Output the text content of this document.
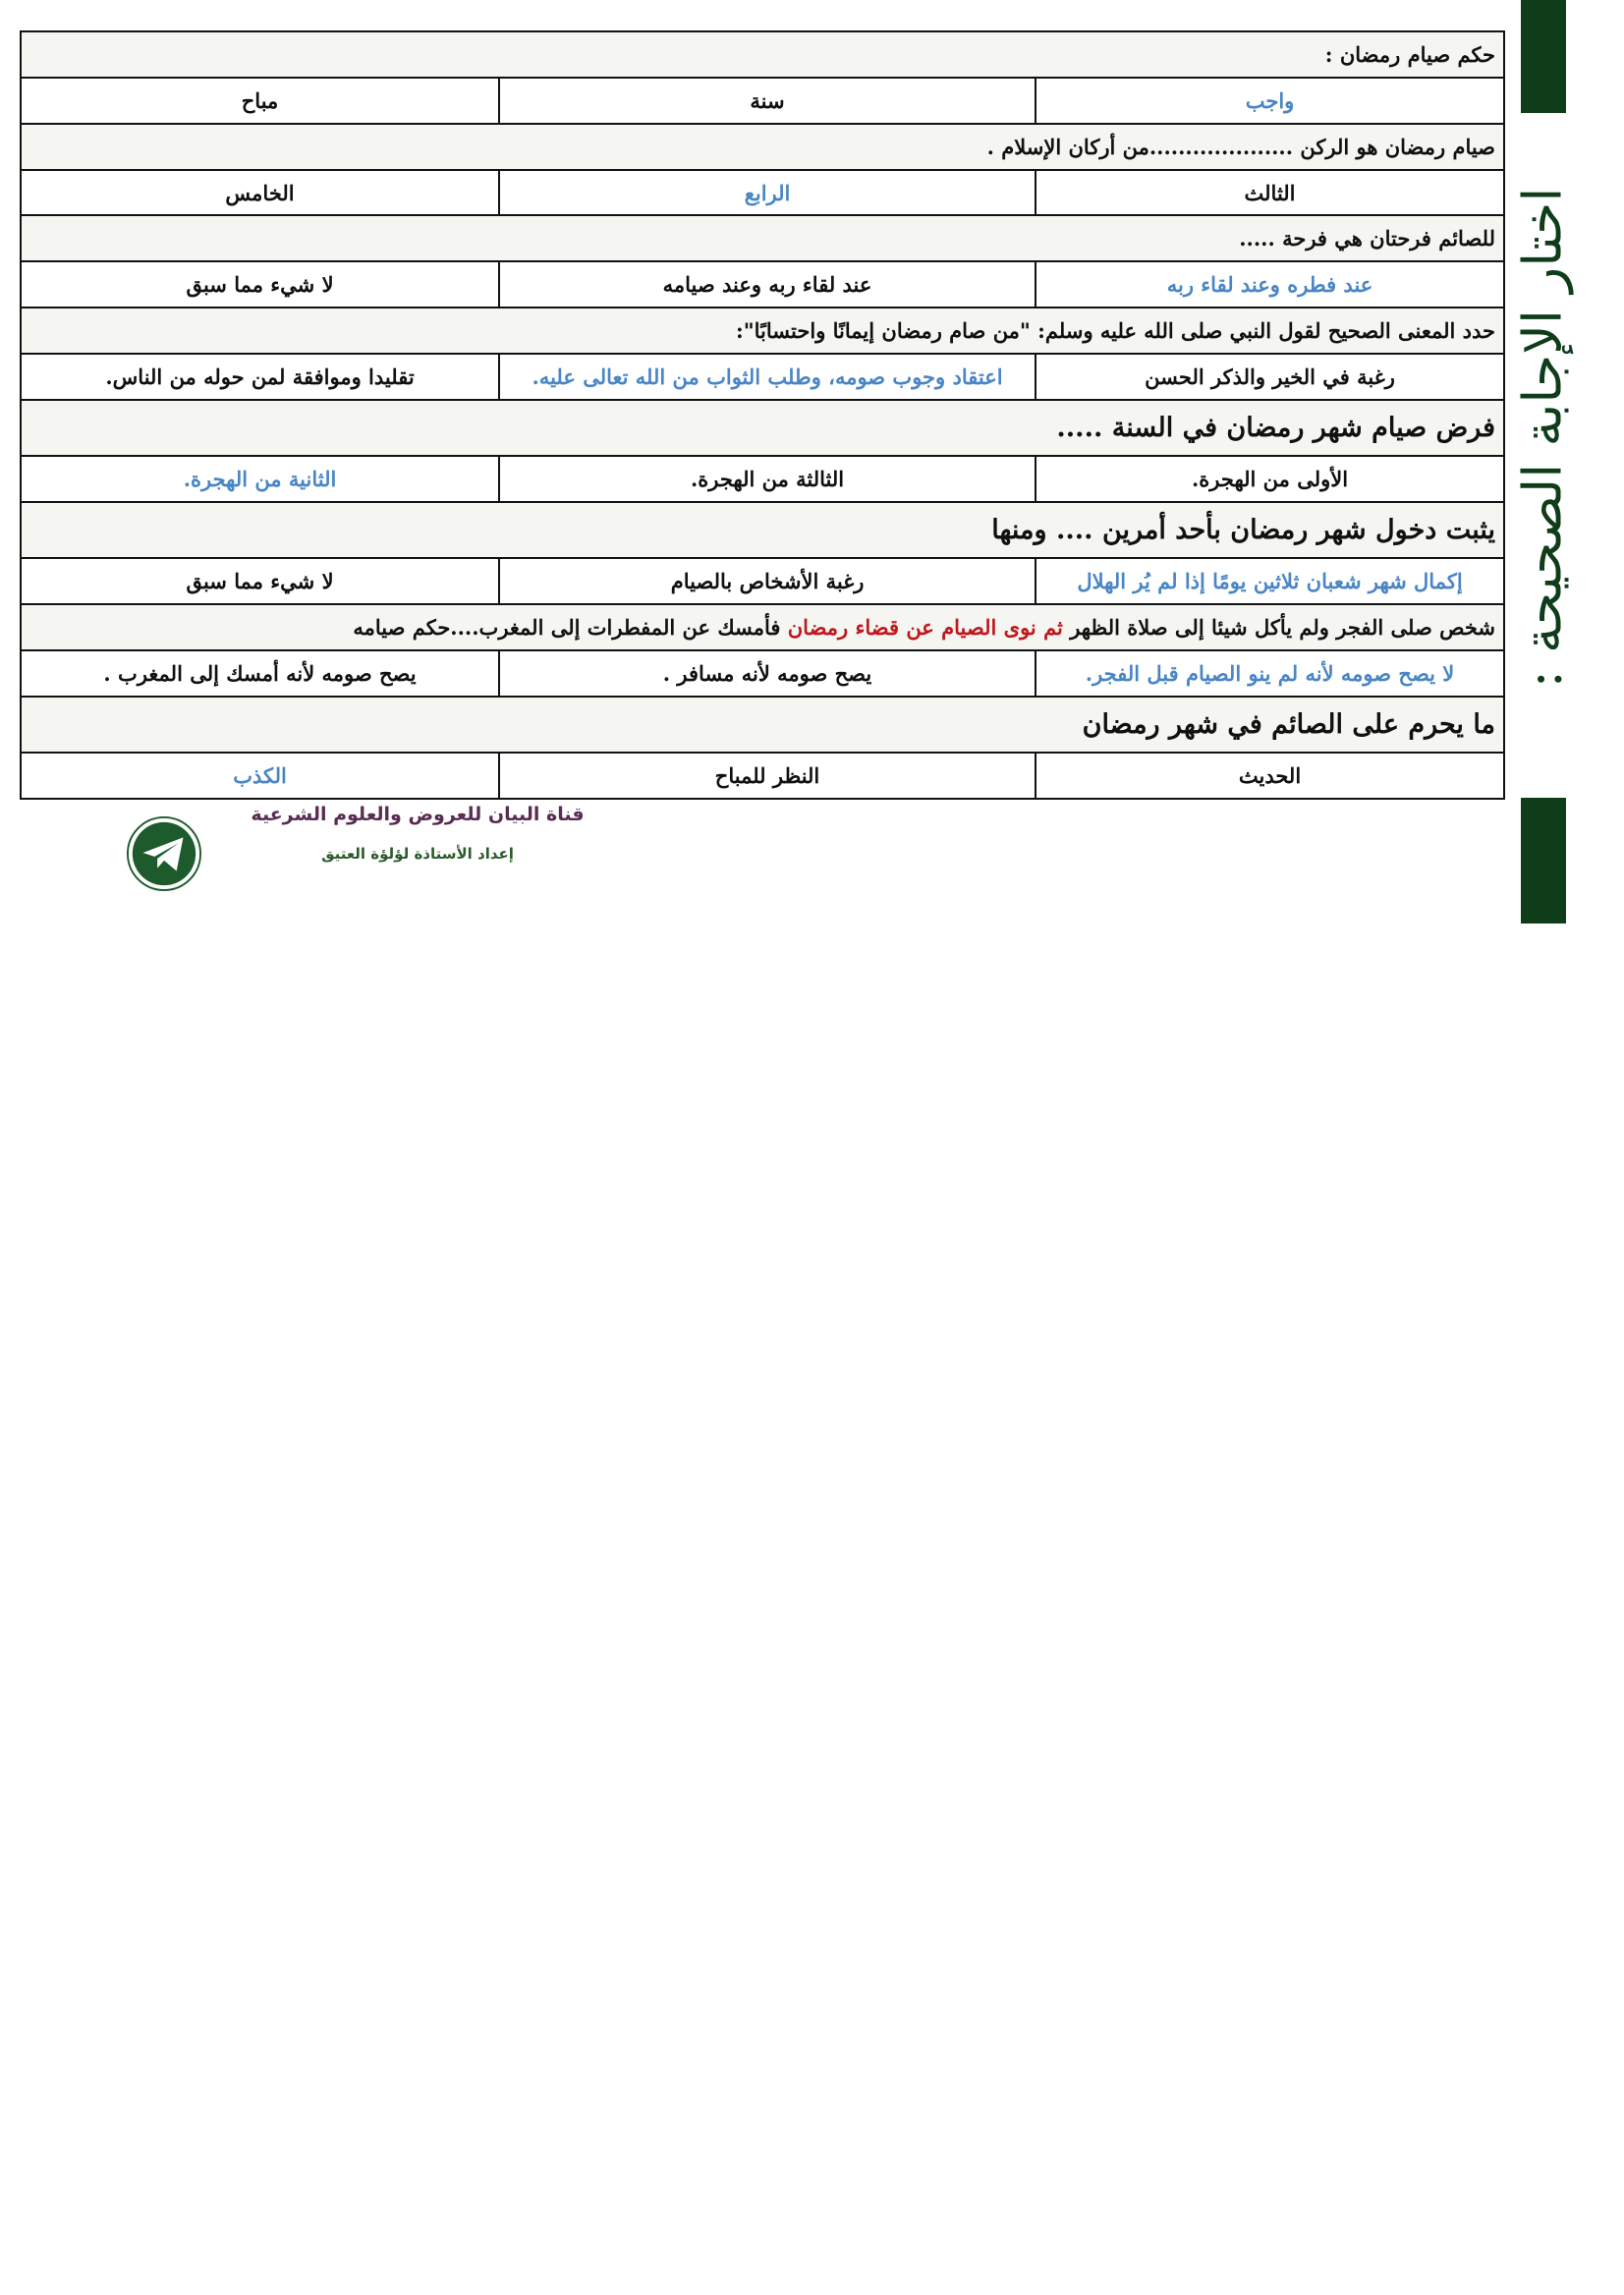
اختار الإجابة الصحيحة :
حكم صيام رمضان :		
واجب	سنة	مباح
صيام رمضان هو الركن ....................من أركان الإسلام .		
الثالث	الرابع	الخامس
للصائم فرحتان هي فرحة .....		
عند فطره وعند لقاء ربه	عند لقاء ربه وعند صيامه	لا شيء مما سبق
حدد المعنى الصحيح لقول النبي صلى الله عليه وسلم: "من صام رمضان إيمانًا واحتسابًا":		
رغبة في الخير والذكر الحسن	اعتقاد وجوب صومه، وطلب الثواب من الله تعالى عليه.	تقليدا وموافقة لمن حوله من الناس.
فرض صيام شهر رمضان في السنة .....		
الأولى من الهجرة.	الثالثة من الهجرة.	الثانية من الهجرة.
يثبت دخول شهر رمضان بأحد أمرين .... ومنها		
إكمال شهر شعبان ثلاثين يومًا إذا لم يُر الهلال	رغبة الأشخاص بالصيام	لا شيء مما سبق
شخص صلى الفجر ولم يأكل شيئا إلى صلاة الظهر ثم نوى الصيام عن قضاء رمضان فأمسك عن المفطرات إلى المغرب....حكم صيامه		
لا يصح صومه لأنه لم ينو الصيام قبل الفجر.	يصح صومه لأنه مسافر .	يصح صومه لأنه أمسك إلى المغرب .
ما يحرم على الصائم في شهر رمضان		
الحديث	النظر للمباح	الكذب
قناة البيان للعروض والعلوم الشرعية
إعداد الأستاذة لؤلؤة العتيق
